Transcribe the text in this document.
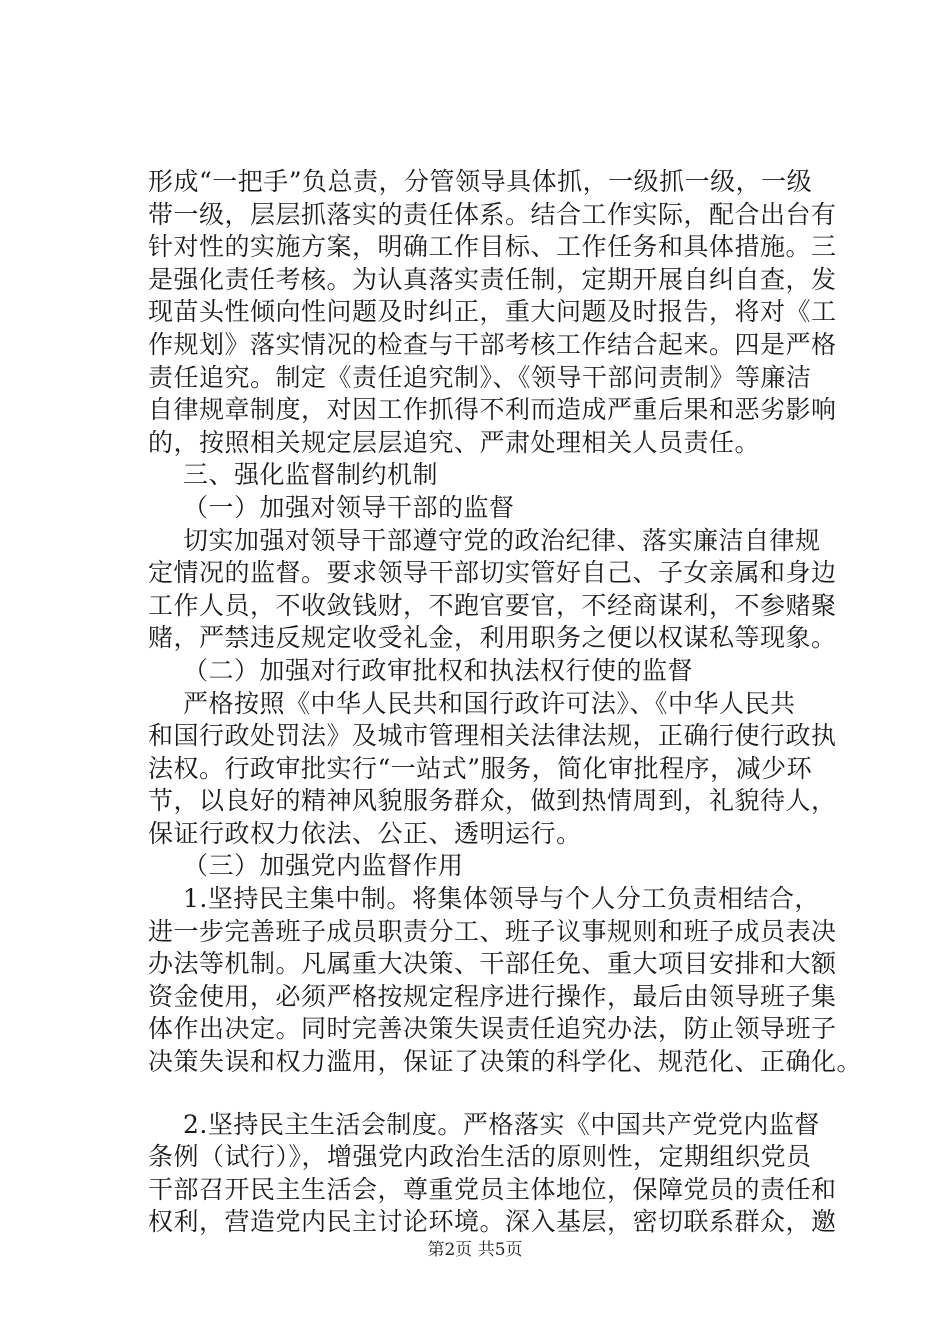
形成“一把手”负总责，分管领导具体抓，一级抓一级，一级
带一级，层层抓落实的责任体系。结合工作实际，配合出台有
针对性的实施方案，明确工作目标、工作任务和具体措施。三
是强化责任考核。为认真落实责任制，定期开展自纠自查，发
现苗头性倾向性问题及时纠正，重大问题及时报告，将对《工
作规划》落实情况的检查与干部考核工作结合起来。四是严格
责任追究。制定《责任追究制》、《领导干部问责制》等廉洁
自律规章制度，对因工作抓得不利而造成严重后果和恶劣影响
的，按照相关规定层层追究、严肃处理相关人员责任。
三、强化监督制约机制
（一）加强对领导干部的监督
切实加强对领导干部遵守党的政治纪律、落实廉洁自律规
定情况的监督。要求领导干部切实管好自己、子女亲属和身边
工作人员，不收敛钱财，不跑官要官，不经商谋利，不参赌聚
赌，严禁违反规定收受礼金，利用职务之便以权谋私等现象。
（二）加强对行政审批权和执法权行使的监督
严格按照《中华人民共和国行政许可法》、《中华人民共
和国行政处罚法》及城市管理相关法律法规，正确行使行政执
法权。行政审批实行“一站式”服务，简化审批程序，减少环
节，以良好的精神风貌服务群众，做到热情周到，礼貌待人，
保证行政权力依法、公正、透明运行。
（三）加强党内监督作用
1.坚持民主集中制。将集体领导与个人分工负责相结合，
进一步完善班子成员职责分工、班子议事规则和班子成员表决
办法等机制。凡属重大决策、干部任免、重大项目安排和大额
资金使用，必须严格按规定程序进行操作，最后由领导班子集
体作出决定。同时完善决策失误责任追究办法，防止领导班子
决策失误和权力滥用，保证了决策的科学化、规范化、正确化。
2.坚持民主生活会制度。严格落实《中国共产党党内监督
条例（试行）》，增强党内政治生活的原则性，定期组织党员
干部召开民主生活会，尊重党员主体地位，保障党员的责任和
权利，营造党内民主讨论环境。深入基层，密切联系群众，邀
第2页 共5页
